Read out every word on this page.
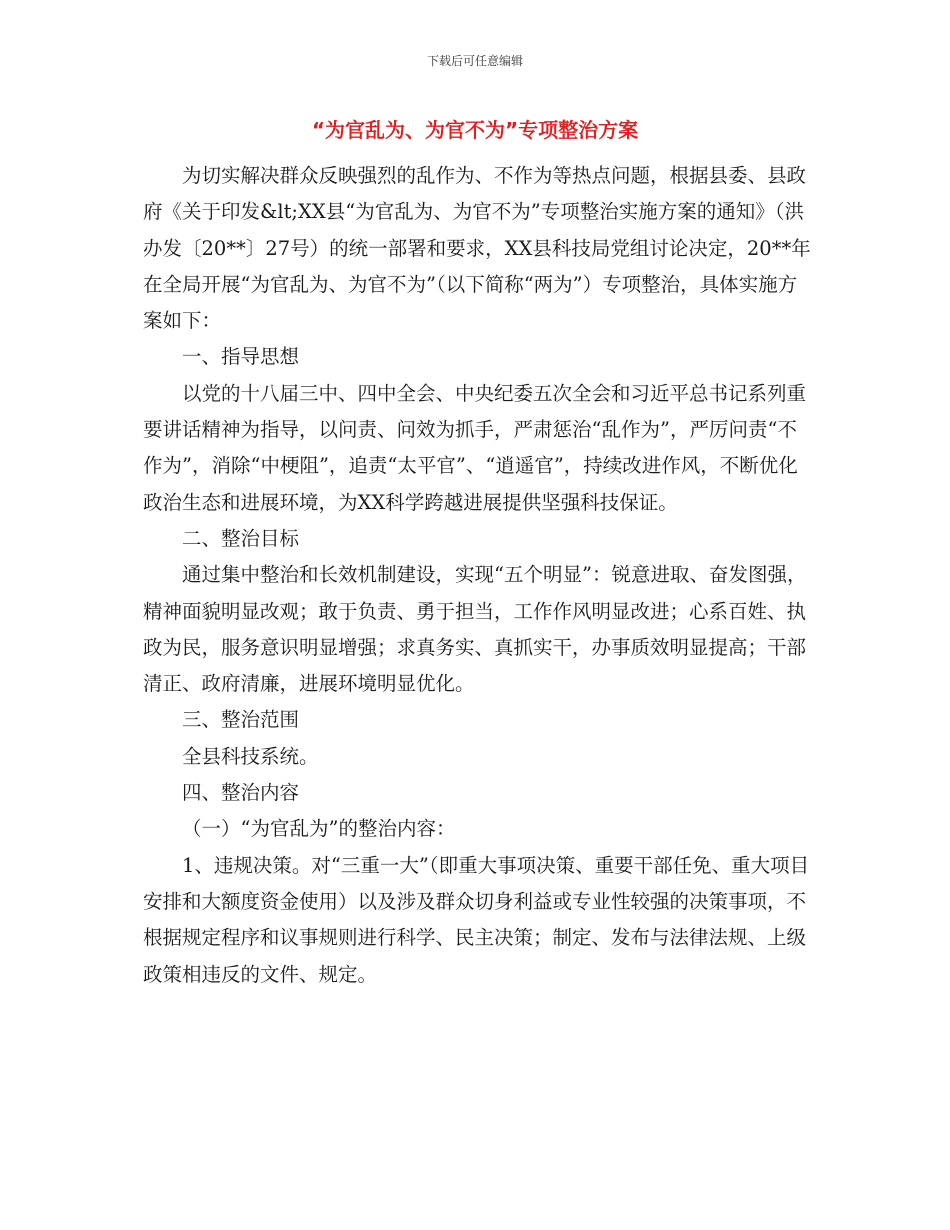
下载后可任意编辑
“为官乱为、为官不为”专项整治方案

为切实解决群众反映强烈的乱作为、不作为等热点问题，根据县委、县政府《关于印发&lt;XX县“为官乱为、为官不为”专项整治实施方案的通知》（洪办发〔20**〕27号）的统一部署和要求，XX县科技局党组讨论决定，20**年在全局开展“为官乱为、为官不为”（以下简称“两为”）专项整治，具体实施方案如下：

一、指导思想

以党的十八届三中、四中全会、中央纪委五次全会和习近平总书记系列重要讲话精神为指导，以问责、问效为抓手，严肃惩治“乱作为”，严厉问责“不作为”，消除“中梗阻”，追责“太平官”、“逍遥官”，持续改进作风，不断优化政治生态和进展环境，为XX科学跨越进展提供坚强科技保证。

二、整治目标

通过集中整治和长效机制建设，实现“五个明显”：锐意进取、奋发图强，精神面貌明显改观；敢于负责、勇于担当，工作作风明显改进；心系百姓、执政为民，服务意识明显增强；求真务实、真抓实干，办事质效明显提高；干部清正、政府清廉，进展环境明显优化。

三、整治范围

全县科技系统。

四、整治内容

（一）“为官乱为”的整治内容：

1、违规决策。对“三重一大”（即重大事项决策、重要干部任免、重大项目安排和大额度资金使用）以及涉及群众切身利益或专业性较强的决策事项，不根据规定程序和议事规则进行科学、民主决策；制定、发布与法律法规、上级政策相违反的文件、规定。
